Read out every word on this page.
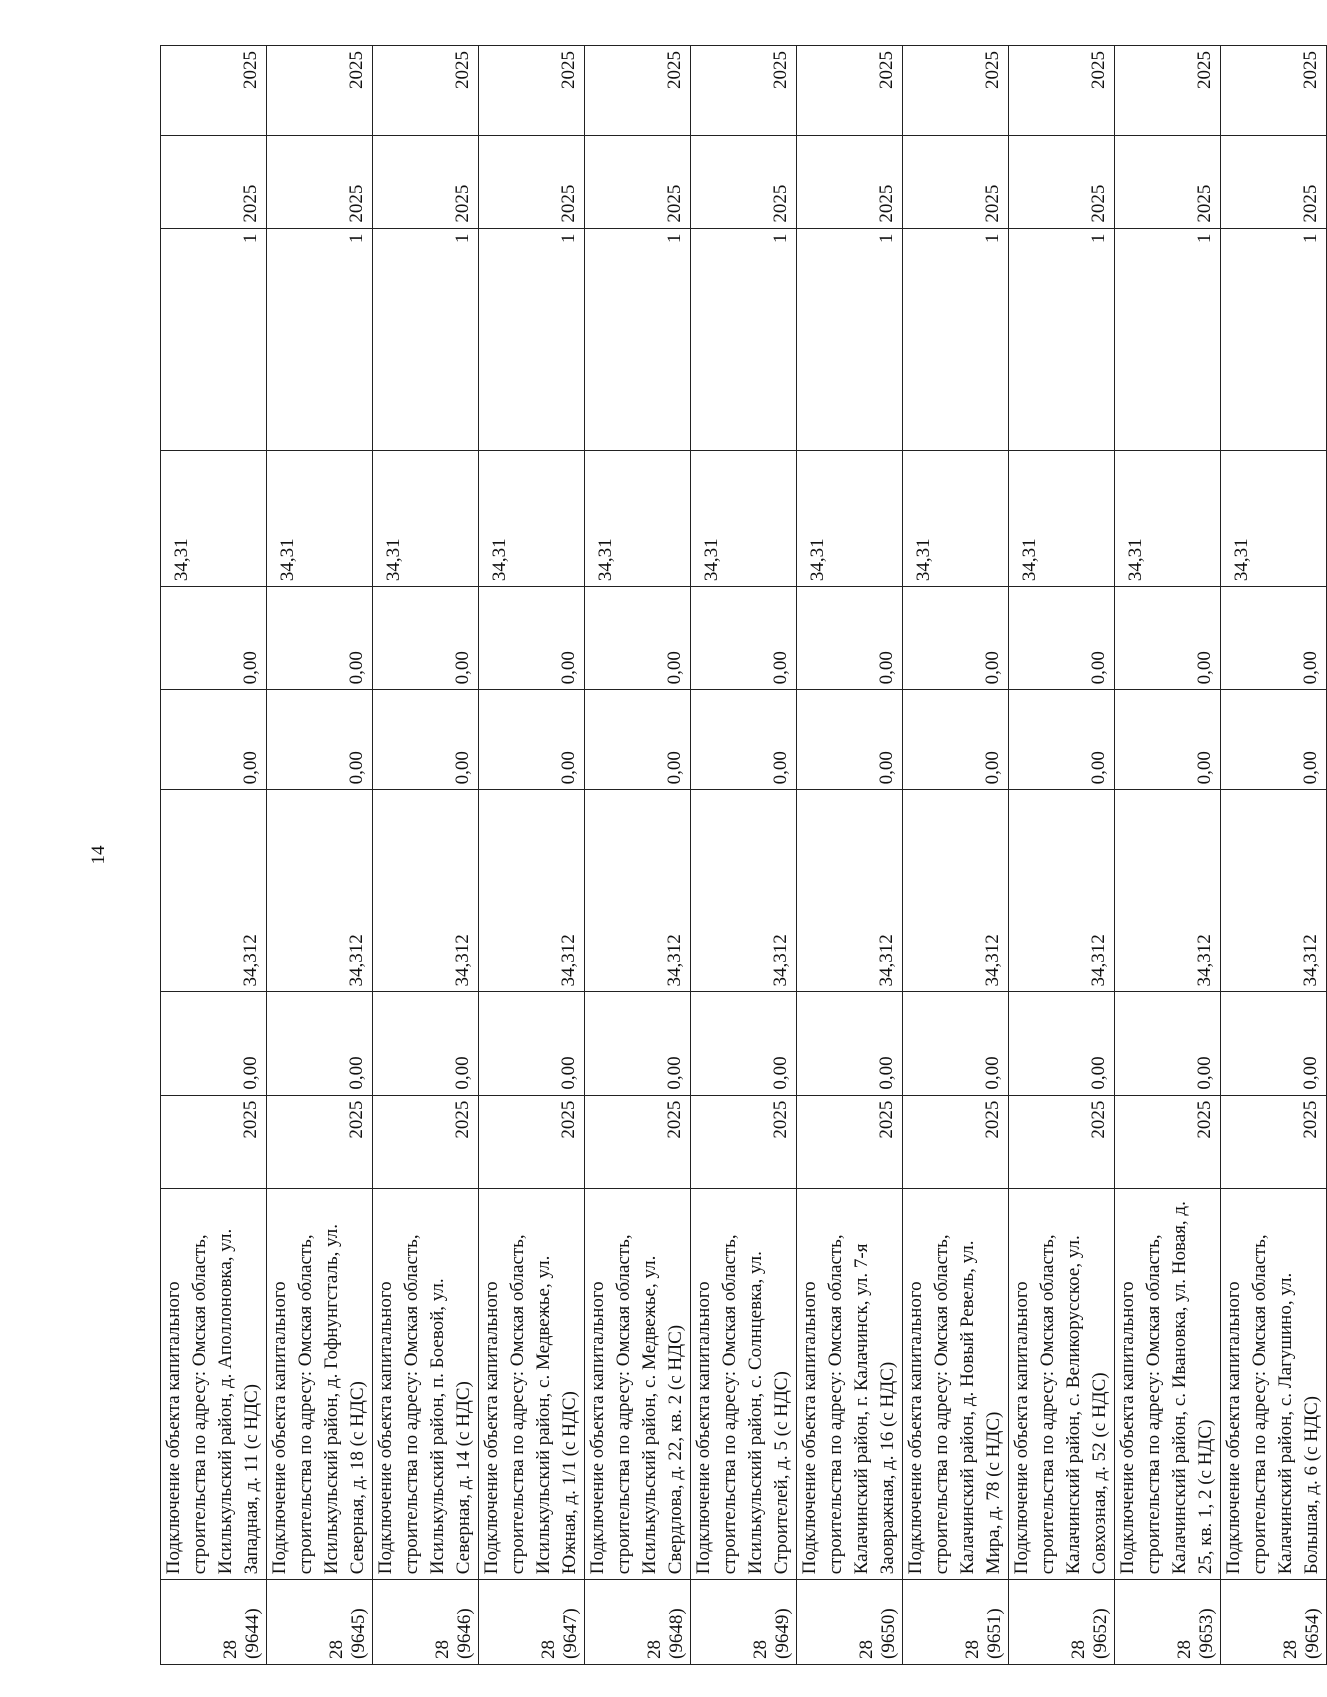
14
28 (9644)	Подключение объекта капитального строительства по адресу: Омская область, Исилькульский район, д. Аполлоновка, ул. Западная, д. 11 (с НДС)	2025	0,00	34,312	0,00	0,00	34,31	1	2025	2025

28 (9645)	Подключение объекта капитального строительства по адресу: Омская область, Исилькульский район, д. Гофнунгсталь, ул. Северная, д. 18 (с НДС)	2025	0,00	34,312	0,00	0,00	34,31	1	2025	2025

28 (9646)	Подключение объекта капитального строительства по адресу: Омская область, Исилькульский район, п. Боевой, ул. Северная, д. 14 (с НДС)	2025	0,00	34,312	0,00	0,00	34,31	1	2025	2025

28 (9647)	Подключение объекта капитального строительства по адресу: Омская область, Исилькульский район, с. Медвежье, ул. Южная, д. 1/1 (с НДС)	2025	0,00	34,312	0,00	0,00	34,31	1	2025	2025

28 (9648)	Подключение объекта капитального строительства по адресу: Омская область, Исилькульский район, с. Медвежье, ул. Свердлова, д. 22, кв. 2 (с НДС)	2025	0,00	34,312	0,00	0,00	34,31	1	2025	2025

28 (9649)	Подключение объекта капитального строительства по адресу: Омская область, Исилькульский район, с. Солнцевка, ул. Строителей, д. 5 (с НДС)	2025	0,00	34,312	0,00	0,00	34,31	1	2025	2025

28 (9650)	Подключение объекта капитального строительства по адресу: Омская область, Калачинский район, г. Калачинск, ул. 7-я Заовражная, д. 16 (с НДС)	2025	0,00	34,312	0,00	0,00	34,31	1	2025	2025

28 (9651)	Подключение объекта капитального строительства по адресу: Омская область, Калачинский район, д. Новый Ревель, ул. Мира, д. 78 (с НДС)	2025	0,00	34,312	0,00	0,00	34,31	1	2025	2025

28 (9652)	Подключение объекта капитального строительства по адресу: Омская область, Калачинский район, с. Великорусское, ул. Совхозная, д. 52 (с НДС)	2025	0,00	34,312	0,00	0,00	34,31	1	2025	2025

28 (9653)	Подключение объекта капитального строительства по адресу: Омская область, Калачинский район, с. Ивановка, ул. Новая, д. 25, кв. 1, 2 (с НДС)	2025	0,00	34,312	0,00	0,00	34,31	1	2025	2025

28 (9654)	Подключение объекта капитального строительства по адресу: Омская область, Калачинский район, с. Лагушино, ул. Большая, д. 6 (с НДС)	2025	0,00	34,312	0,00	0,00	34,31	1	2025	2025
